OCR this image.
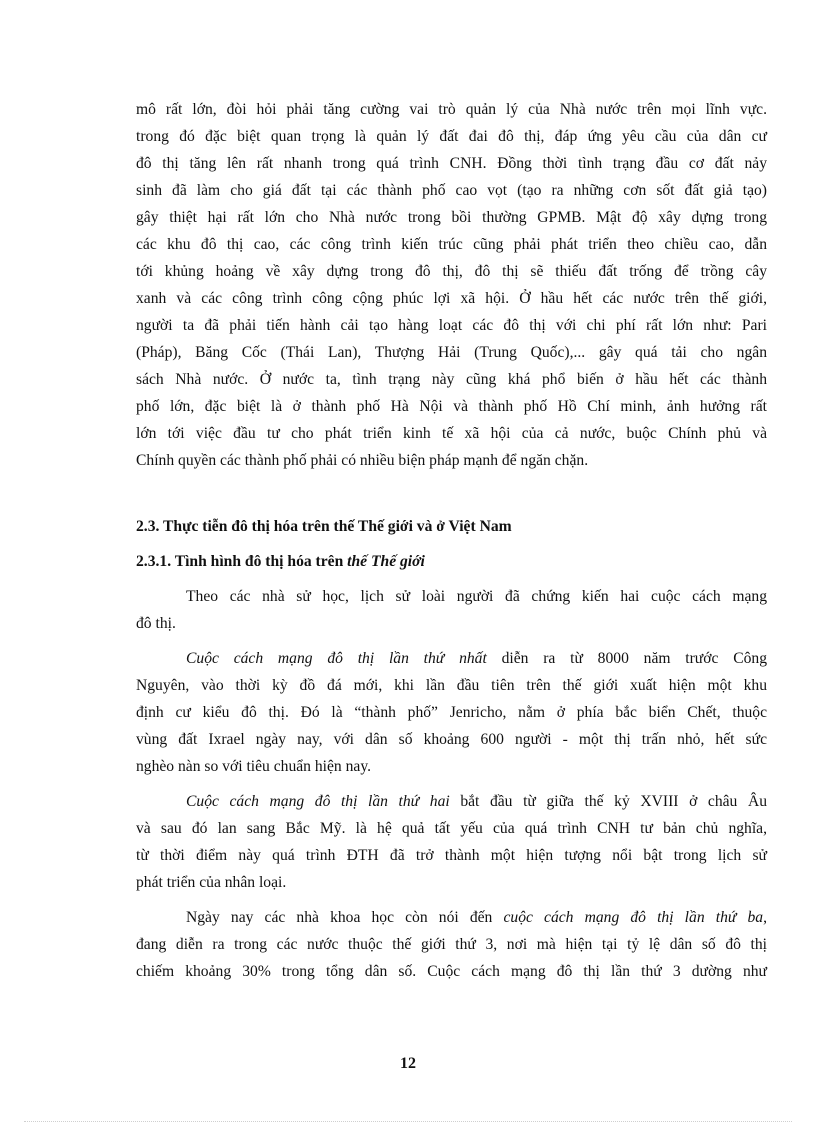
mô rất lớn, đòi hỏi phải tăng cường vai trò quản lý của Nhà nước trên mọi lĩnh vực.
trong đó đặc biệt quan trọng là quản lý đất đai đô thị, đáp ứng yêu cầu của dân cư
đô thị tăng lên rất nhanh trong quá trình CNH. Đồng thời tình trạng đầu cơ đất nảy
sinh đã làm cho giá đất tại các thành phố cao vọt (tạo ra những cơn sốt đất giả tạo)
gây thiệt hại rất lớn cho Nhà nước trong bồi thường GPMB. Mật độ xây dựng trong
các khu đô thị cao, các công trình kiến trúc cũng phải phát triển theo chiều cao, dẫn
tới khủng hoảng về xây dựng trong đô thị, đô thị sẽ thiếu đất trống để trồng cây
xanh và các công trình công cộng phúc lợi xã hội. Ở hầu hết các nước trên thế giới,
người ta đã phải tiến hành cải tạo hàng loạt các đô thị với chi phí rất lớn như: Pari
(Pháp), Băng Cốc (Thái Lan), Thượng Hải (Trung Quốc),... gây quá tải cho ngân
sách Nhà nước. Ở nước ta, tình trạng này cũng khá phổ biến ở hầu hết các thành
phố lớn, đặc biệt là ở thành phố Hà Nội và thành phố Hồ Chí minh, ảnh hưởng rất
lớn tới việc đầu tư cho phát triển kinh tế xã hội của cả nước, buộc Chính phủ và
Chính quyền các thành phố phải có nhiều biện pháp mạnh để ngăn chặn.
2.3. Thực tiễn đô thị hóa trên thế Thế giới và ở Việt Nam
2.3.1. Tình hình đô thị hóa trên thế Thế giới
Theo các nhà sử học, lịch sử loài người đã chứng kiến hai cuộc cách mạng
đô thị.
Cuộc cách mạng đô thị lần thứ nhất diễn ra từ 8000 năm trước Công
Nguyên, vào thời kỳ đồ đá mới, khi lần đầu tiên trên thế giới xuất hiện một khu
định cư kiểu đô thị. Đó là “thành phố” Jenricho, nằm ở phía bắc biển Chết, thuộc
vùng đất Ixrael ngày nay, với dân số khoảng 600 người - một thị trấn nhỏ, hết sức
nghèo nàn so với tiêu chuẩn hiện nay.
Cuộc cách mạng đô thị lần thứ hai bắt đầu từ giữa thế kỷ XVIII ở châu Âu
và sau đó lan sang Bắc Mỹ. là hệ quả tất yếu của quá trình CNH tư bản chủ nghĩa,
từ thời điểm này quá trình ĐTH đã trở thành một hiện tượng nổi bật trong lịch sử
phát triển của nhân loại.
Ngày nay các nhà khoa học còn nói đến cuộc cách mạng đô thị lần thứ ba,
đang diễn ra trong các nước thuộc thế giới thứ 3, nơi mà hiện tại tỷ lệ dân số đô thị
chiếm khoảng 30% trong tổng dân số. Cuộc cách mạng đô thị lần thứ 3 dường như
12
